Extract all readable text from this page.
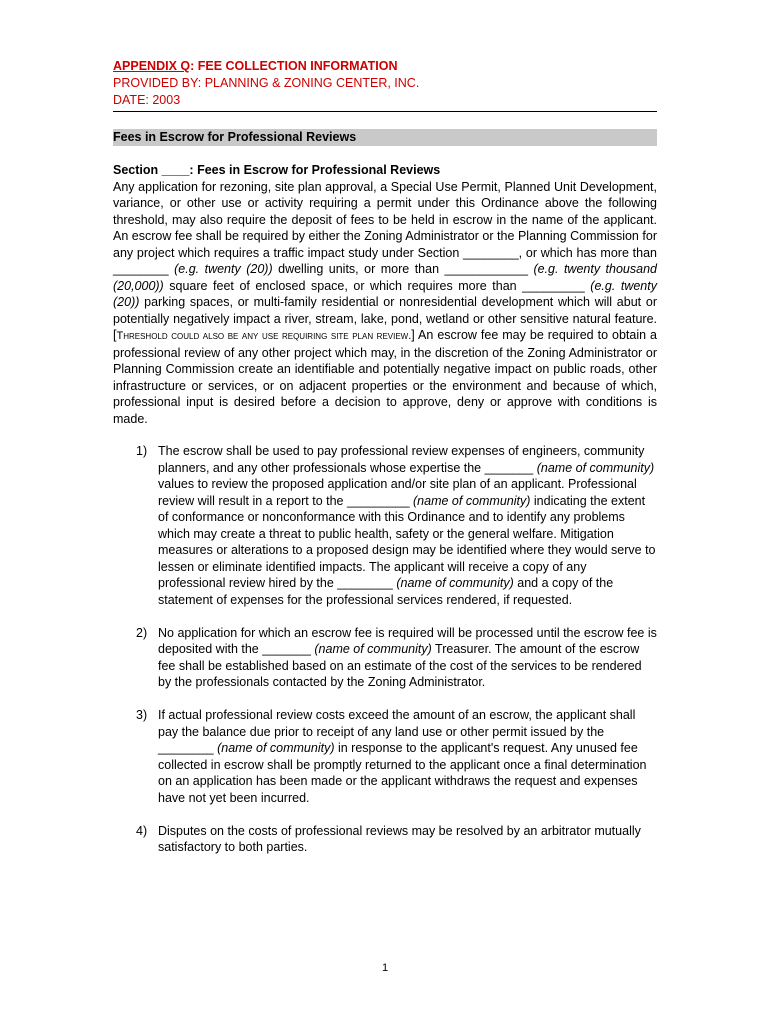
APPENDIX Q: FEE COLLECTION INFORMATION
PROVIDED BY: PLANNING & ZONING CENTER, INC.
DATE: 2003
Fees in Escrow for Professional Reviews
Section ____: Fees in Escrow for Professional Reviews
Any application for rezoning, site plan approval, a Special Use Permit, Planned Unit Development, variance, or other use or activity requiring a permit under this Ordinance above the following threshold, may also require the deposit of fees to be held in escrow in the name of the applicant. An escrow fee shall be required by either the Zoning Administrator or the Planning Commission for any project which requires a traffic impact study under Section ________, or which has more than ________ (e.g. twenty (20)) dwelling units, or more than ____________ (e.g. twenty thousand (20,000)) square feet of enclosed space, or which requires more than _________ (e.g. twenty (20)) parking spaces, or multi-family residential or nonresidential development which will abut or potentially negatively impact a river, stream, lake, pond, wetland or other sensitive natural feature. [Threshold could also be any use requiring site plan review.] An escrow fee may be required to obtain a professional review of any other project which may, in the discretion of the Zoning Administrator or Planning Commission create an identifiable and potentially negative impact on public roads, other infrastructure or services, or on adjacent properties or the environment and because of which, professional input is desired before a decision to approve, deny or approve with conditions is made.
1) The escrow shall be used to pay professional review expenses of engineers, community planners, and any other professionals whose expertise the _______ (name of community) values to review the proposed application and/or site plan of an applicant. Professional review will result in a report to the _________ (name of community) indicating the extent of conformance or nonconformance with this Ordinance and to identify any problems which may create a threat to public health, safety or the general welfare. Mitigation measures or alterations to a proposed design may be identified where they would serve to lessen or eliminate identified impacts. The applicant will receive a copy of any professional review hired by the ________ (name of community) and a copy of the statement of expenses for the professional services rendered, if requested.
2) No application for which an escrow fee is required will be processed until the escrow fee is deposited with the _______ (name of community) Treasurer. The amount of the escrow fee shall be established based on an estimate of the cost of the services to be rendered by the professionals contacted by the Zoning Administrator.
3) If actual professional review costs exceed the amount of an escrow, the applicant shall pay the balance due prior to receipt of any land use or other permit issued by the ________ (name of community) in response to the applicant's request. Any unused fee collected in escrow shall be promptly returned to the applicant once a final determination on an application has been made or the applicant withdraws the request and expenses have not yet been incurred.
4) Disputes on the costs of professional reviews may be resolved by an arbitrator mutually satisfactory to both parties.
1
